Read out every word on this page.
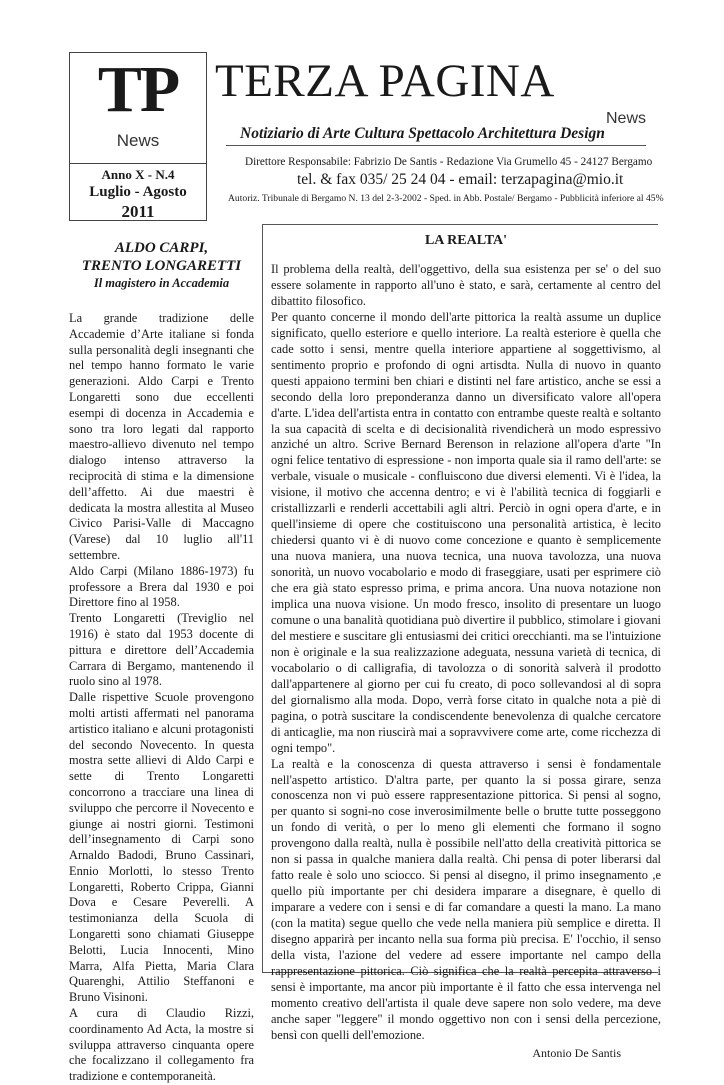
TP
News
Anno X - N.4
Luglio - Agosto
2011
TERZA PAGINA
News
Notiziario di Arte Cultura Spettacolo Architettura Design
Direttore Responsabile: Fabrizio De Santis - Redazione Via Grumello 45 - 24127 Bergamo
tel. & fax 035/ 25 24 04 - email: terzapagina@mio.it
Autoriz. Tribunale di Bergamo N. 13 del 2-3-2002 - Sped. in Abb. Postale/ Bergamo - Pubblicità inferiore al 45%
ALDO CARPI,
TRENTO LONGARETTI
Il magistero in Accademia

La grande tradizione delle Accademie d’Arte italiane si fonda sulla personalità degli insegnanti che nel tempo hanno formato le varie generazioni. Aldo Carpi e Trento Longaretti sono due eccellenti esempi di docenza in Accademia e sono tra loro legati dal rapporto maestro-allievo divenuto nel tempo dialogo intenso attraverso la reciprocità di stima e la dimensione dell’affetto. Ai due maestri è dedicata la mostra allestita al Museo Civico Parisi-Valle di Maccagno (Varese) dal 10 luglio all'11 settembre.

Aldo Carpi (Milano 1886-1973) fu professore a Brera dal 1930 e poi Direttore fino al 1958.

Trento Longaretti (Treviglio nel 1916) è stato dal 1953 docente di pittura e direttore dell’Accademia Carrara di Bergamo, mantenendo il ruolo sino al 1978.

Dalle rispettive Scuole provengono molti artisti affermati nel panorama artistico italiano e alcuni protagonisti del secondo Novecento. In questa mostra sette allievi di Aldo Carpi e sette di Trento Longaretti concorrono a tracciare una linea di sviluppo che percorre il Novecento e giunge ai nostri giorni. Testimoni dell’insegnamento di Carpi sono Arnaldo Badodi, Bruno Cassinari, Ennio Morlotti, lo stesso Trento Longaretti, Roberto Crippa, Gianni Dova e Cesare Peverelli. A testimonianza della Scuola di Longaretti sono chiamati Giuseppe Belotti, Lucia Innocenti, Mino Marra, Alfa Pietta, Maria Clara Quarenghi, Attilio Steffanoni e Bruno Visinoni.

A cura di Claudio Rizzi, coordinamento Ad Acta, la mostre si sviluppa attraverso cinquanta opere che focalizzano il collegamento fra tradizione e contemporaneità.

LA REALTA'

Il problema della realtà, dell'oggettivo, della sua esistenza per se' o del suo essere solamente in rapporto all'uno è stato, e sarà, certamente al centro del dibattito filosofico.

Per quanto concerne il mondo dell'arte pittorica la realtà assume un duplice significato, quello esteriore e quello interiore. La realtà esteriore è quella che cade sotto i sensi, mentre quella interiore appartiene al soggettivismo, al sentimento proprio e profondo di ogni artisdta. Nulla di nuovo in quanto questi appaiono termini ben chiari e distinti nel fare artistico, anche se essi a secondo della loro preponderanza danno un diversificato valore all'opera d'arte. L'idea dell'artista entra in contatto con entrambe queste realtà e soltanto la sua capacità di scelta e di decisionalità rivendicherà un modo espressivo anziché un altro. Scrive Bernard Berenson in relazione all'opera d'arte "In ogni felice tentativo di espressione - non importa quale sia il ramo dell'arte: se verbale, visuale o musicale - confluiscono due diversi elementi. Vi è l'idea, la visione, il motivo che accenna dentro; e vi è l'abilità tecnica di foggiarli e cristallizzarli e renderli accettabili agli altri. Perciò in ogni opera d'arte, e in quell'insieme di opere che costituiscono una personalità artistica, è lecito chiedersi quanto vi è di nuovo come concezione e quanto è semplicemente una nuova maniera, una nuova tecnica, una nuova tavolozza, una nuova sonorità, un nuovo vocabolario e modo di fraseggiare, usati per esprimere ciò che era già stato espresso prima, e prima ancora. Una nuova notazione non implica una nuova visione. Un modo fresco, insolito di presentare un luogo comune o una banalità quotidiana può divertire il pubblico, stimolare i giovani del mestiere e suscitare gli entusiasmi dei critici orecchianti. ma se l'intuizione non è originale e la sua realizzazione adeguata, nessuna varietà di tecnica, di vocabolario o di calligrafia, di tavolozza o di sonorità salverà il prodotto dall'appartenere al giorno per cui fu creato, di poco sollevandosi al di sopra del giornalismo alla moda. Dopo, verrà forse citato in qualche nota a piè di pagina, o potrà suscitare la condiscendente benevolenza di qualche cercatore di anticaglie, ma non riuscirà mai a sopravvivere come arte, come ricchezza di ogni tempo".

La realtà e la conoscenza di questa attraverso i sensi è fondamentale nell'aspetto artistico. D'altra parte, per quanto la si possa girare, senza conoscenza non vi può essere rappresentazione pittorica. Si pensi al sogno, per quanto si sogni-no cose inverosimilmente belle o brutte tutte posseggono un fondo di verità, o per lo meno gli elementi che formano il sogno provengono dalla realtà, nulla è possibile nell'atto della creatività pittorica se non si passa in qualche maniera dalla realtà. Chi pensa di poter liberarsi dal fatto reale è solo uno sciocco. Si pensi al disegno, il primo insegnamento ,e quello più importante per chi desidera imparare a disegnare, è quello di imparare a vedere con i sensi e di far comandare a questi la mano. La mano (con la matita) segue quello che vede nella maniera più semplice e diretta. Il disegno apparirà per incanto nella sua forma più precisa. E' l'occhio, il senso della vista, l'azione del vedere ad essere importante nel campo della rappresentazione pittorica. Ciò significa che la realtà percepita attraverso i sensi è importante, ma ancor più importante è il fatto che essa intervenga nel momento creativo dell'artista il quale deve sapere non solo vedere, ma deve anche saper "leggere" il mondo oggettivo non con i sensi della percezione, bensì con quelli dell'emozione.

Antonio De Santis
